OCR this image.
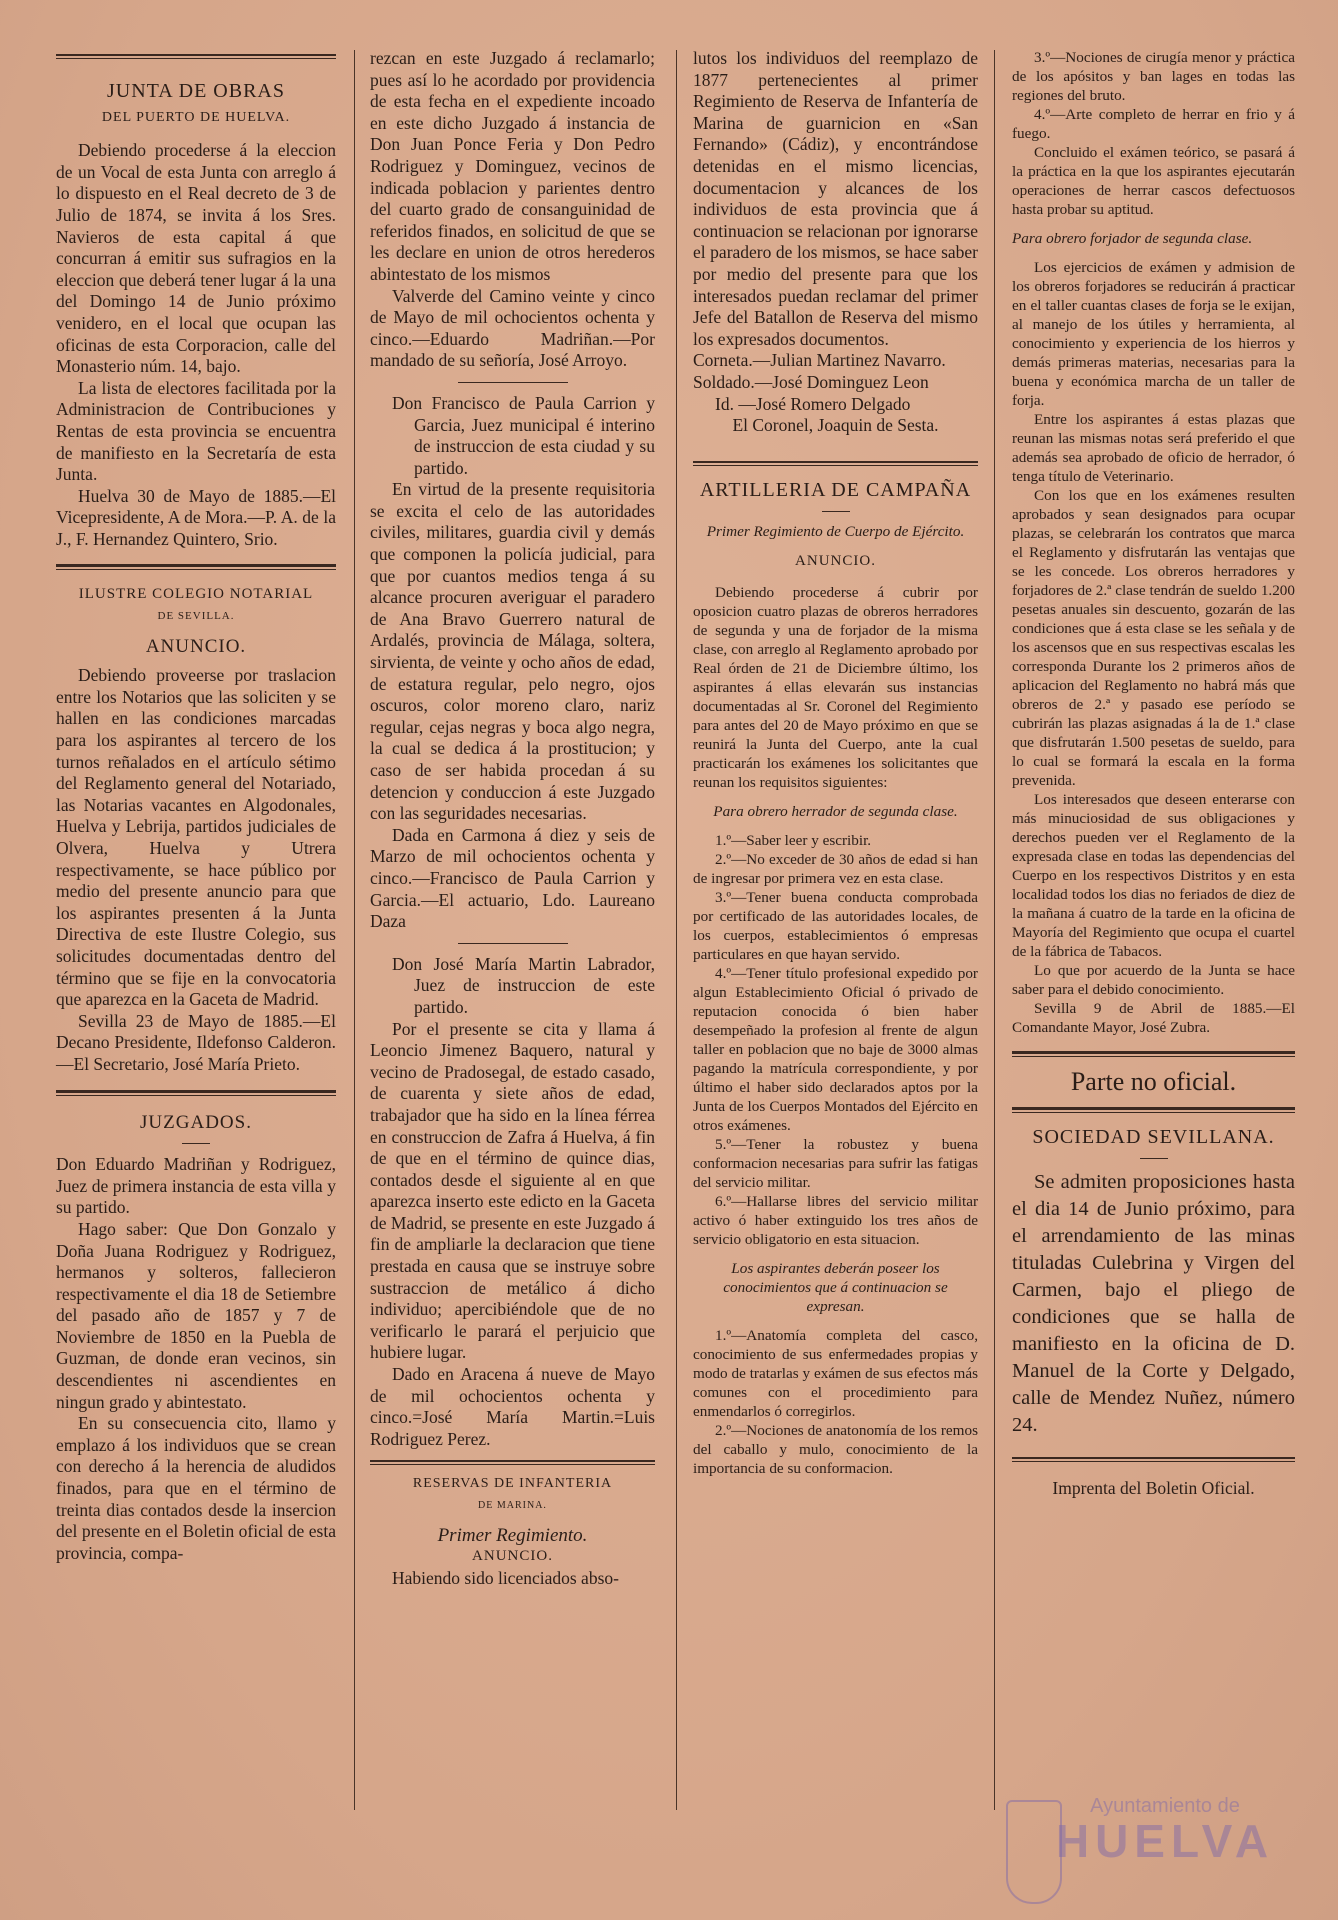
JUNTA DE OBRAS
DEL PUERTO DE HUELVA.

Debiendo procederse á la eleccion de un Vocal de esta Junta con arreglo á lo dispuesto en el Real decreto de 3 de Julio de 1874, se invita á los Sres. Navieros de esta capital á que concurran á emitir sus sufragios en la eleccion que deberá tener lugar á la una del Domingo 14 de Junio próximo venidero, en el local que ocupan las oficinas de esta Corporacion, calle del Monasterio núm. 14, bajo.

La lista de electores facilitada por la Administracion de Contribuciones y Rentas de esta provincia se encuentra de manifiesto en la Secretaría de esta Junta.

Huelva 30 de Mayo de 1885.—El Vicepresidente, A de Mora.—P. A. de la J., F. Hernandez Quintero, Srio.

ILUSTRE COLEGIO NOTARIAL
DE SEVILLA.
ANUNCIO.

Debiendo proveerse por traslacion entre los Notarios que las soliciten y se hallen en las condiciones marcadas para los aspirantes al tercero de los turnos reñalados en el artículo sétimo del Reglamento general del Notariado, las Notarias vacantes en Algodonales, Huelva y Lebrija, partidos judiciales de Olvera, Huelva y Utrera respectivamente, se hace público por medio del presente anuncio para que los aspirantes presenten á la Junta Directiva de este Ilustre Colegio, sus solicitudes documentadas dentro del término que se fije en la convocatoria que aparezca en la Gaceta de Madrid.

Sevilla 23 de Mayo de 1885.—El Decano Presidente, Ildefonso Calderon.—El Secretario, José María Prieto.

JUZGADOS.

Don Eduardo Madriñan y Rodriguez, Juez de primera instancia de esta villa y su partido.

Hago saber: Que Don Gonzalo y Doña Juana Rodriguez y Rodriguez, hermanos y solteros, fallecieron respectivamente el dia 18 de Setiembre del pasado año de 1857 y 7 de Noviembre de 1850 en la Puebla de Guzman, de donde eran vecinos, sin descendientes ni ascendientes en ningun grado y abintestato.

En su consecuencia cito, llamo y emplazo á los individuos que se crean con derecho á la herencia de aludidos finados, para que en el término de treinta dias contados desde la insercion del presente en el Boletin oficial de esta provincia, compa-

rezcan en este Juzgado á reclamarlo; pues así lo he acordado por providencia de esta fecha en el expediente incoado en este dicho Juzgado á instancia de Don Juan Ponce Feria y Don Pedro Rodriguez y Dominguez, vecinos de indicada poblacion y parientes dentro del cuarto grado de consanguinidad de referidos finados, en solicitud de que se les declare en union de otros herederos abintestato de los mismos

Valverde del Camino veinte y cinco de Mayo de mil ochocientos ochenta y cinco.—Eduardo Madriñan.—Por mandado de su señoría, José Arroyo.

Don Francisco de Paula Carrion y Garcia, Juez municipal é interino de instruccion de esta ciudad y su partido.

En virtud de la presente requisitoria se excita el celo de las autoridades civiles, militares, guardia civil y demás que componen la policía judicial, para que por cuantos medios tenga á su alcance procuren averiguar el paradero de Ana Bravo Guerrero natural de Ardalés, provincia de Málaga, soltera, sirvienta, de veinte y ocho años de edad, de estatura regular, pelo negro, ojos oscuros, color moreno claro, nariz regular, cejas negras y boca algo negra, la cual se dedica á la prostitucion; y caso de ser habida procedan á su detencion y conduccion á este Juzgado con las seguridades necesarias.

Dada en Carmona á diez y seis de Marzo de mil ochocientos ochenta y cinco.—Francisco de Paula Carrion y Garcia.—El actuario, Ldo. Laureano Daza

Don José María Martin Labrador, Juez de instruccion de este partido.

Por el presente se cita y llama á Leoncio Jimenez Baquero, natural y vecino de Pradosegal, de estado casado, de cuarenta y siete años de edad, trabajador que ha sido en la línea férrea en construccion de Zafra á Huelva, á fin de que en el término de quince dias, contados desde el siguiente al en que aparezca inserto este edicto en la Gaceta de Madrid, se presente en este Juzgado á fin de ampliarle la declaracion que tiene prestada en causa que se instruye sobre sustraccion de metálico á dicho individuo; apercibiéndole que de no verificarlo le parará el perjuicio que hubiere lugar.

Dado en Aracena á nueve de Mayo de mil ochocientos ochenta y cinco.=José María Martin.=Luis Rodriguez Perez.

RESERVAS DE INFANTERIA
DE MARINA.
Primer Regimiento.
ANUNCIO.

Habiendo sido licenciados abso-

lutos los individuos del reemplazo de 1877 pertenecientes al primer Regimiento de Reserva de Infantería de Marina de guarnicion en «San Fernando» (Cádiz), y encontrándose detenidas en el mismo licencias, documentacion y alcances de los individuos de esta provincia que á continuacion se relacionan por ignorarse el paradero de los mismos, se hace saber por medio del presente para que los interesados puedan reclamar del primer Jefe del Batallon de Reserva del mismo los expresados documentos.

Corneta.—Julian Martinez Navarro.

Soldado.—José Dominguez Leon

Id. —José Romero Delgado

El Coronel, Joaquin de Sesta.

ARTILLERIA DE CAMPAÑA
Primer Regimiento de Cuerpo de Ejército.
ANUNCIO.

Debiendo procederse á cubrir por oposicion cuatro plazas de obreros herradores de segunda y una de forjador de la misma clase, con arreglo al Reglamento aprobado por Real órden de 21 de Diciembre último, los aspirantes á ellas elevarán sus instancias documentadas al Sr. Coronel del Regimiento para antes del 20 de Mayo próximo en que se reunirá la Junta del Cuerpo, ante la cual practicarán los exámenes los solicitantes que reunan los requisitos siguientes:

Para obrero herrador de segunda clase.

1.º—Saber leer y escribir.

2.º—No exceder de 30 años de edad si han de ingresar por primera vez en esta clase.

3.º—Tener buena conducta comprobada por certificado de las autoridades locales, de los cuerpos, establecimientos ó empresas particulares en que hayan servido.

4.º—Tener título profesional expedido por algun Establecimiento Oficial ó privado de reputacion conocida ó bien haber desempeñado la profesion al frente de algun taller en poblacion que no baje de 3000 almas pagando la matrícula correspondiente, y por último el haber sido declarados aptos por la Junta de los Cuerpos Montados del Ejército en otros exámenes.

5.º—Tener la robustez y buena conformacion necesarias para sufrir las fatigas del servicio militar.

6.º—Hallarse libres del servicio militar activo ó haber extinguido los tres años de servicio obligatorio en esta situacion.

Los aspirantes deberán poseer los conocimientos que á continuacion se expresan.

1.º—Anatomía completa del casco, conocimiento de sus enfermedades propias y modo de tratarlas y exámen de sus efectos más comunes con el procedimiento para enmendarlos ó corregirlos.

2.º—Nociones de anatonomía de los remos del caballo y mulo, conocimiento de la importancia de su conformacion.

3.º—Nociones de cirugía menor y práctica de los apósitos y ban lages en todas las regiones del bruto.

4.º—Arte completo de herrar en frio y á fuego.

Concluido el exámen teórico, se pasará á la práctica en la que los aspirantes ejecutarán operaciones de herrar cascos defectuosos hasta probar su aptitud.

Para obrero forjador de segunda clase.

Los ejercicios de exámen y admision de los obreros forjadores se reducirán á practicar en el taller cuantas clases de forja se le exijan, al manejo de los útiles y herramienta, al conocimiento y experiencia de los hierros y demás primeras materias, necesarias para la buena y económica marcha de un taller de forja.

Entre los aspirantes á estas plazas que reunan las mismas notas será preferido el que además sea aprobado de oficio de herrador, ó tenga título de Veterinario.

Con los que en los exámenes resulten aprobados y sean designados para ocupar plazas, se celebrarán los contratos que marca el Reglamento y disfrutarán las ventajas que se les concede. Los obreros herradores y forjadores de 2.ª clase tendrán de sueldo 1.200 pesetas anuales sin descuento, gozarán de las condiciones que á esta clase se les señala y de los ascensos que en sus respectivas escalas les corresponda Durante los 2 primeros años de aplicacion del Reglamento no habrá más que obreros de 2.ª y pasado ese período se cubrirán las plazas asignadas á la de 1.ª clase que disfrutarán 1.500 pesetas de sueldo, para lo cual se formará la escala en la forma prevenida.

Los interesados que deseen enterarse con más minuciosidad de sus obligaciones y derechos pueden ver el Reglamento de la expresada clase en todas las dependencias del Cuerpo en los respectivos Distritos y en esta localidad todos los dias no feriados de diez de la mañana á cuatro de la tarde en la oficina de Mayoría del Regimiento que ocupa el cuartel de la fábrica de Tabacos.

Lo que por acuerdo de la Junta se hace saber para el debido conocimiento.

Sevilla 9 de Abril de 1885.—El Comandante Mayor, José Zubra.

Parte no oficial.
SOCIEDAD SEVILLANA.

Se admiten proposiciones hasta el dia 14 de Junio próximo, para el arrendamiento de las minas tituladas Culebrina y Virgen del Carmen, bajo el pliego de condiciones que se halla de manifiesto en la oficina de D. Manuel de la Corte y Delgado, calle de Mendez Nuñez, número 24.

Imprenta del Boletin Oficial.
Ayuntamiento de
HUELVA
